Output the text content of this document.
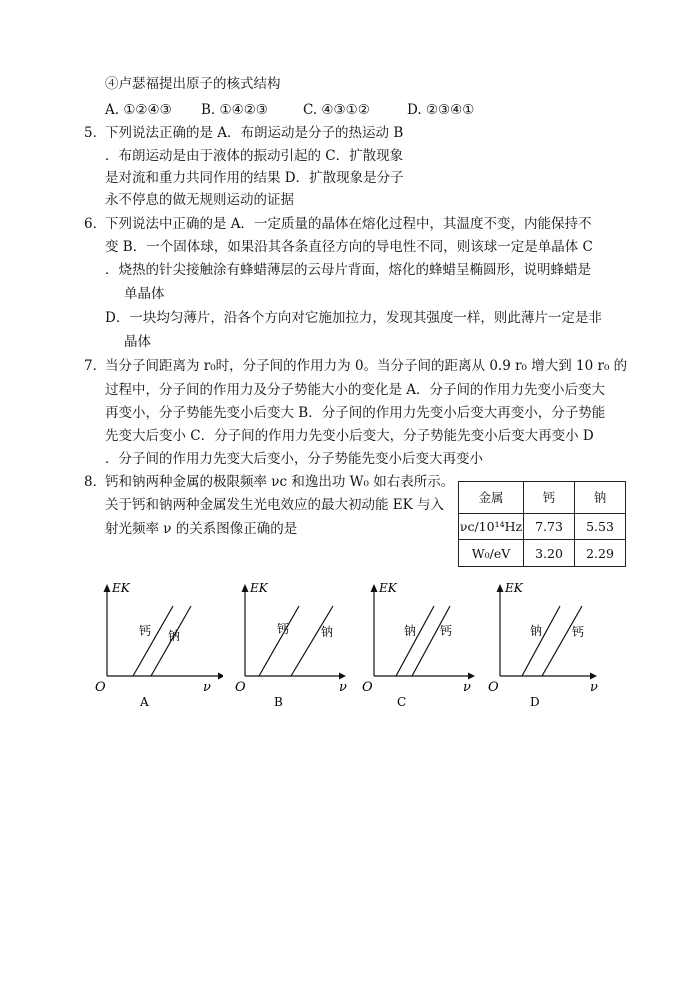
④卢瑟福提出原子的核式结构
A. ①②④③ B. ①④②③	C. ④③①②	D. ②③④①
5．
下列说法正确的是 A．布朗运动是分子的热运动 B
．布朗运动是由于液体的振动引起的 C．扩散现象
是对流和重力共同作用的结果 D．扩散现象是分子
永不停息的做无规则运动的证据
6．
下列说法中正确的是 A．一定质量的晶体在熔化过程中，其温度不变，内能保持不
变 B．一个固体球，如果沿其各条直径方向的导电性不同，则该球一定是单晶体 C
．烧热的针尖接触涂有蜂蜡薄层的云母片背面，熔化的蜂蜡呈椭圆形，说明蜂蜡是
单晶体
D．一块均匀薄片，沿各个方向对它施加拉力，发现其强度一样，则此薄片一定是非
晶体
7．
当分子间距离为 r₀时，分子间的作用力为 0。当分子间的距离从 0.9 r₀ 增大到 10 r₀ 的
过程中，分子间的作用力及分子势能大小的变化是 A．分子间的作用力先变小后变大
再变小，分子势能先变小后变大 B．分子间的作用力先变小后变大再变小，分子势能
先变大后变小 C．分子间的作用力先变小后变大，分子势能先变小后变大再变小 D
．分子间的作用力先变大后变小，分子势能先变小后变大再变小
8．
钙和钠两种金属的极限频率 νc 和逸出功 W₀ 如右表所示。
关于钙和钠两种金属发生光电效应的最大初动能 EK 与入
射光频率 ν 的关系图像正确的是
金属	钙	钠
νc/10¹⁴Hz	7.73	5.53
W₀/eV	3.20	2.29
EK
ν
O
钙 钠
A
EK
ν
O
钙	钠
B
EK
ν
O
钠 钙
C
EK
ν
O
钠 钙
D
